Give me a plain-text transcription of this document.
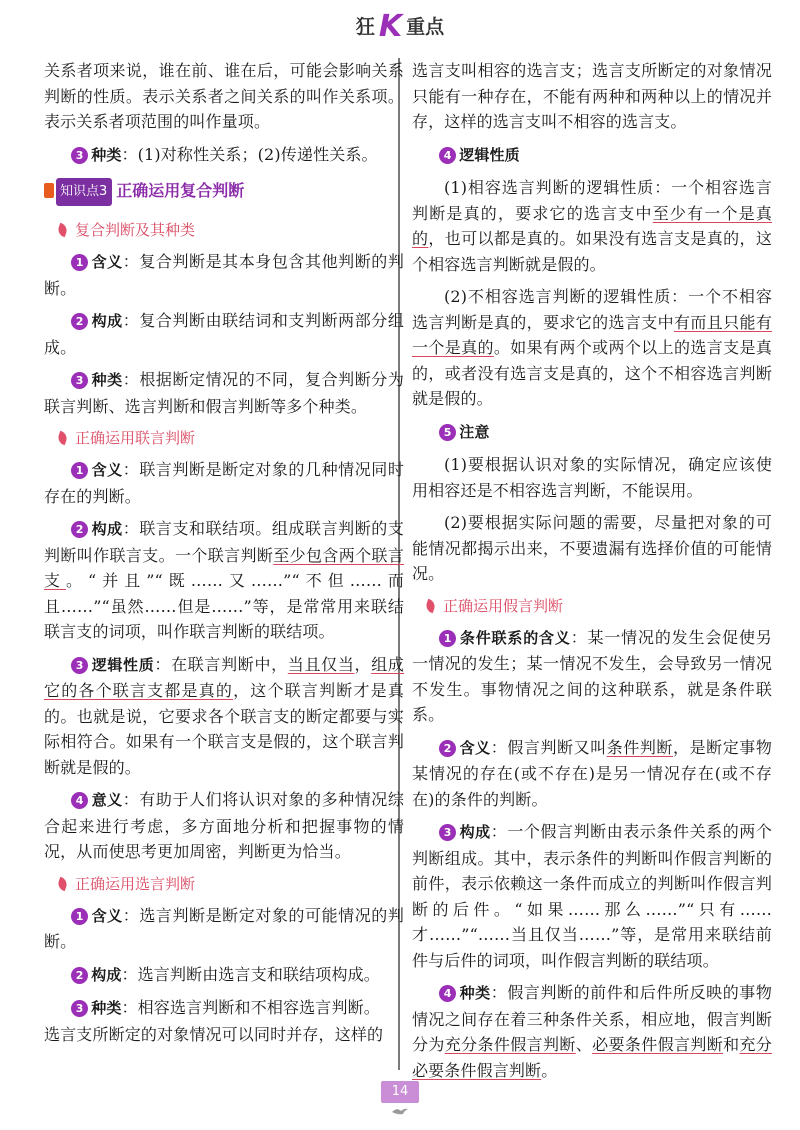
狂 K 重点

关系者项来说，谁在前、谁在后，可能会影响关系判断的性质。表示关系者之间关系的叫作关系项。表示关系者项范围的叫作量项。

3 种类：(1)对称性关系；(2)传递性关系。

知识点3 正确运用复合判断
复合判断及其种类

1 含义：复合判断是其本身包含其他判断的判断。

2 构成：复合判断由联结词和支判断两部分组成。

3 种类：根据断定情况的不同，复合判断分为联言判断、选言判断和假言判断等多个种类。

正确运用联言判断

1 含义：联言判断是断定对象的几种情况同时存在的判断。

2 构成：联言支和联结项。组成联言判断的支判断叫作联言支。一个联言判断至少包含两个联言支。“并且”“既……又……”“不但……而且……”“虽然……但是……”等，是常常用来联结联言支的词项，叫作联言判断的联结项。

3 逻辑性质：在联言判断中，当且仅当，组成它的各个联言支都是真的，这个联言判断才是真的。也就是说，它要求各个联言支的断定都要与实际相符合。如果有一个联言支是假的，这个联言判断就是假的。

4 意义：有助于人们将认识对象的多种情况综合起来进行考虑，多方面地分析和把握事物的情况，从而使思考更加周密，判断更为恰当。

正确运用选言判断

1 含义：选言判断是断定对象的可能情况的判断。

2 构成：选言判断由选言支和联结项构成。

3 种类：相容选言判断和不相容选言判断。

选言支所断定的对象情况可以同时并存，这样的

选言支叫相容的选言支；选言支所断定的对象情况只能有一种存在，不能有两种和两种以上的情况并存，这样的选言支叫不相容的选言支。

4 逻辑性质

(1)相容选言判断的逻辑性质：一个相容选言判断是真的，要求它的选言支中至少有一个是真的，也可以都是真的。如果没有选言支是真的，这个相容选言判断就是假的。

(2)不相容选言判断的逻辑性质：一个不相容选言判断是真的，要求它的选言支中有而且只能有一个是真的。如果有两个或两个以上的选言支是真的，或者没有选言支是真的，这个不相容选言判断就是假的。

5 注意

(1)要根据认识对象的实际情况，确定应该使用相容还是不相容选言判断，不能误用。

(2)要根据实际问题的需要，尽量把对象的可能情况都揭示出来，不要遗漏有选择价值的可能情况。

正确运用假言判断

1 条件联系的含义：某一情况的发生会促使另一情况的发生；某一情况不发生，会导致另一情况不发生。事物情况之间的这种联系，就是条件联系。

2 含义：假言判断又叫条件判断，是断定事物某情况的存在(或不存在)是另一情况存在(或不存在)的条件的判断。

3 构成：一个假言判断由表示条件关系的两个判断组成。其中，表示条件的判断叫作假言判断的前件，表示依赖这一条件而成立的判断叫作假言判断的后件。“如果……那么……”“只有……才……”“……当且仅当……”等，是常用来联结前件与后件的词项，叫作假言判断的联结项。

4 种类：假言判断的前件和后件所反映的事物情况之间存在着三种条件关系，相应地，假言判断分为充分条件假言判断、必要条件假言判断和充分必要条件假言判断。

14
